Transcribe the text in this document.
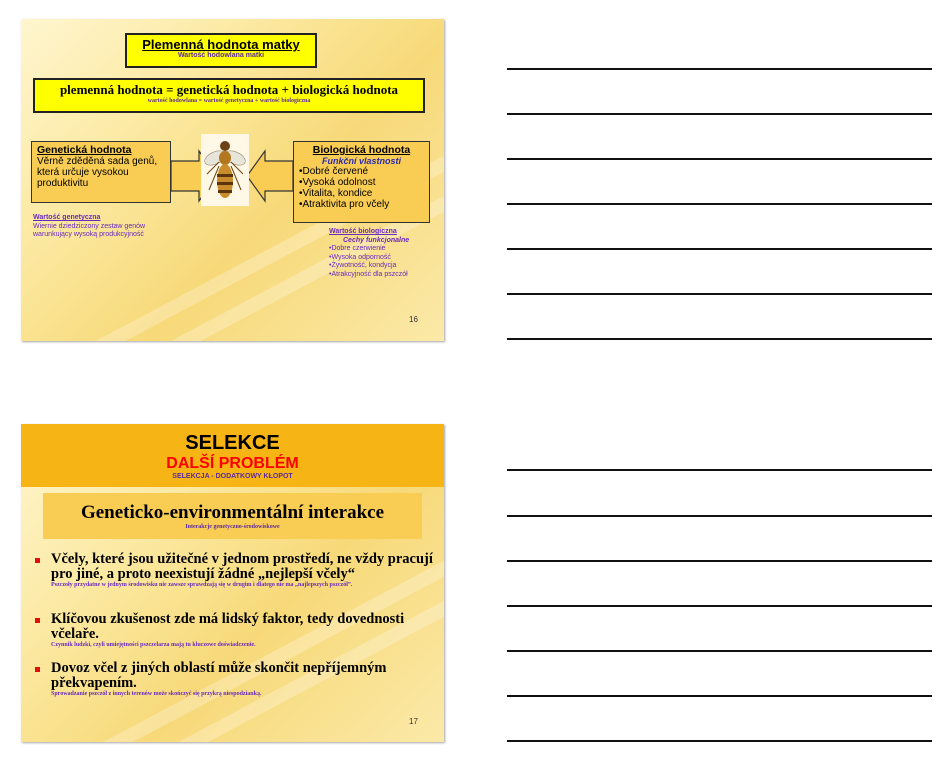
Plemenná hodnota matky
Wartość hodowlana matki
plemenná hodnota = genetická hodnota + biologická hodnota
wartość hodowlana = wartość genetyczna + wartość biologiczna
Genetická hodnota
Věrně zděděná sada genů, která určuje vysokou produktivitu
Biologická hodnota
Funkční vlastnosti
•Dobré červené
•Vysoká odolnost
•Vitalita, kondice
•Atraktivita pro včely
Wartość genetyczna
Wiernie dziedziczony zestaw genów warunkujący wysoką produkcyjność	Wartość biologiczna
Cechy funkcjonalne
•Dobre czerwienie
•Wysoka odporność
•Żywotność, kondycja
•Atrakcyjność dla pszczół
16
SELEKCE
DALŠÍ PROBLÉM
SELEKCJA - DODATKOWY KŁOPOT
Geneticko-environmentální interakce
Interakcje genetyczno-środowiskowe
Včely, které jsou užitečné v jednom prostředí, ne vždy pracují pro jiné, a proto neexistují žádné „nejlepší včely“
Pszczoły przydatne w jednym środowisku nie zawsze sprawdzają się w drugim i dlatego nie ma „najlepszych pszczół”.
Klíčovou zkušenost zde má lidský faktor, tedy dovednosti včelaře.
Czynnik ludzki, czyli umiejętności pszczelarza mają tu kluczowe doświadczenie.
Dovoz včel z jiných oblastí může skončit nepříjemným překvapením.
Sprowadzanie pszczół z innych terenów może skończyć się przykrą niespodzianką.
17
